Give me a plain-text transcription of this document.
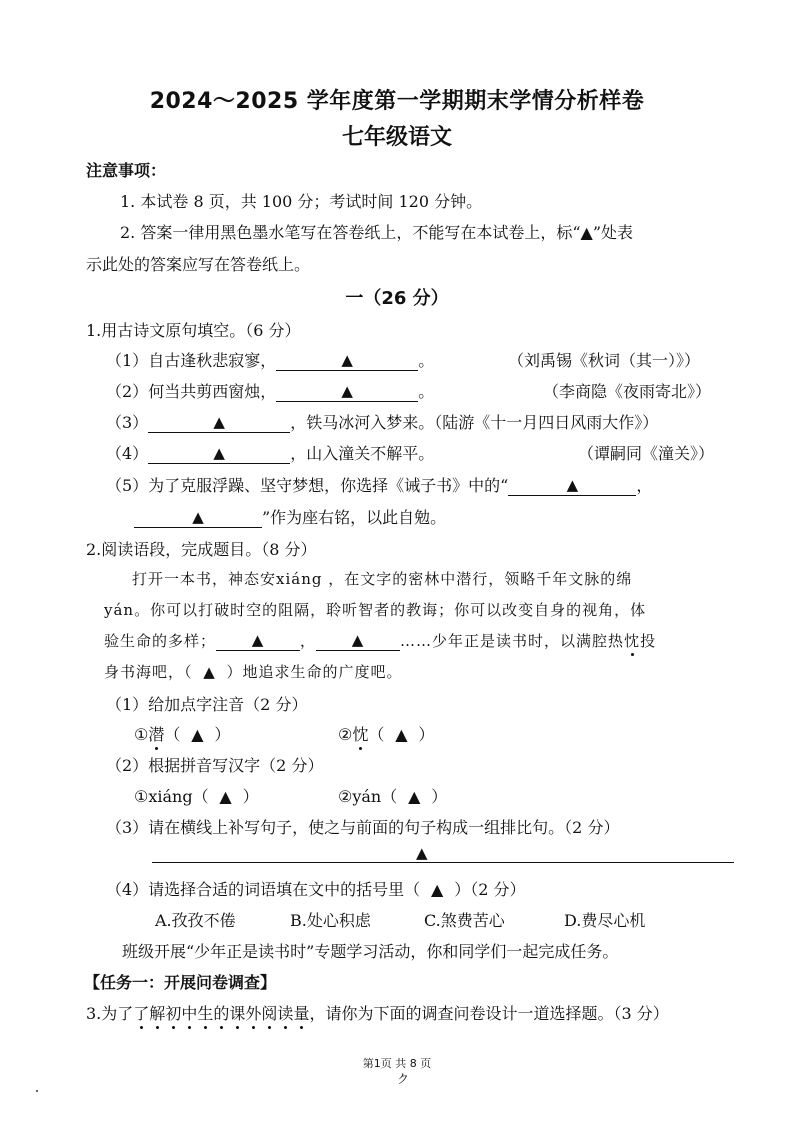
2024～2025 学年度第一学期期末学情分析样卷
七年级语文
注意事项：
1. 本试卷 8 页，共 100 分；考试时间 120 分钟。
2. 答案一律用黑色墨水笔写在答卷纸上，不能写在本试卷上，标“▲”处表
示此处的答案应写在答卷纸上。
一（26 分）
1.用古诗文原句填空。（6 分）
（1）自古逢秋悲寂寥，	▲	。	（刘禹锡《秋词（其一）》）
（2）何当共剪西窗烛，	▲	。	（李商隐《夜雨寄北》）
（3）	▲	，铁马冰河入梦来。（陆游《十一月四日风雨大作》）
（4）	▲	，山入潼关不解平。	（谭嗣同《潼关》）
（5）为了克服浮躁、坚守梦想，你选择《诫子书》中的“	▲	，
▲	”作为座右铭，以此自勉。
2.阅读语段，完成题目。（8 分）
打开一本书，神态安xiáng ，在文字的密林中潜行，领略千年文脉的绵
yán。你可以打破时空的阻隔，聆听智者的教诲；你可以改变自身的视角，体
验生命的多样； ▲ ， ▲ ……少年正是读书时，以满腔热忱投
身书海吧，（ ▲ ）地追求生命的广度吧。
（1）给加点字注音（2 分）
①潜（ ▲ ）	②忱（ ▲ ）
（2）根据拼音写汉字（2 分）
①xiáng（ ▲ ）	②yán（ ▲ ）
（3）请在横线上补写句子，使之与前面的句子构成一组排比句。（2 分）
▲
（4）请选择合适的词语填在文中的括号里（ ▲ ）（2 分）
A.孜孜不倦	B.处心积虑	C.煞费苦心	D.费尽心机
班级开展“少年正是读书时”专题学习活动，你和同学们一起完成任务。
【任务一：开展问卷调查】
3.为了了解初中生的课外阅读量，请你为下面的调查问卷设计一道选择题。（3 分）
第1页 共 8 页
ク
